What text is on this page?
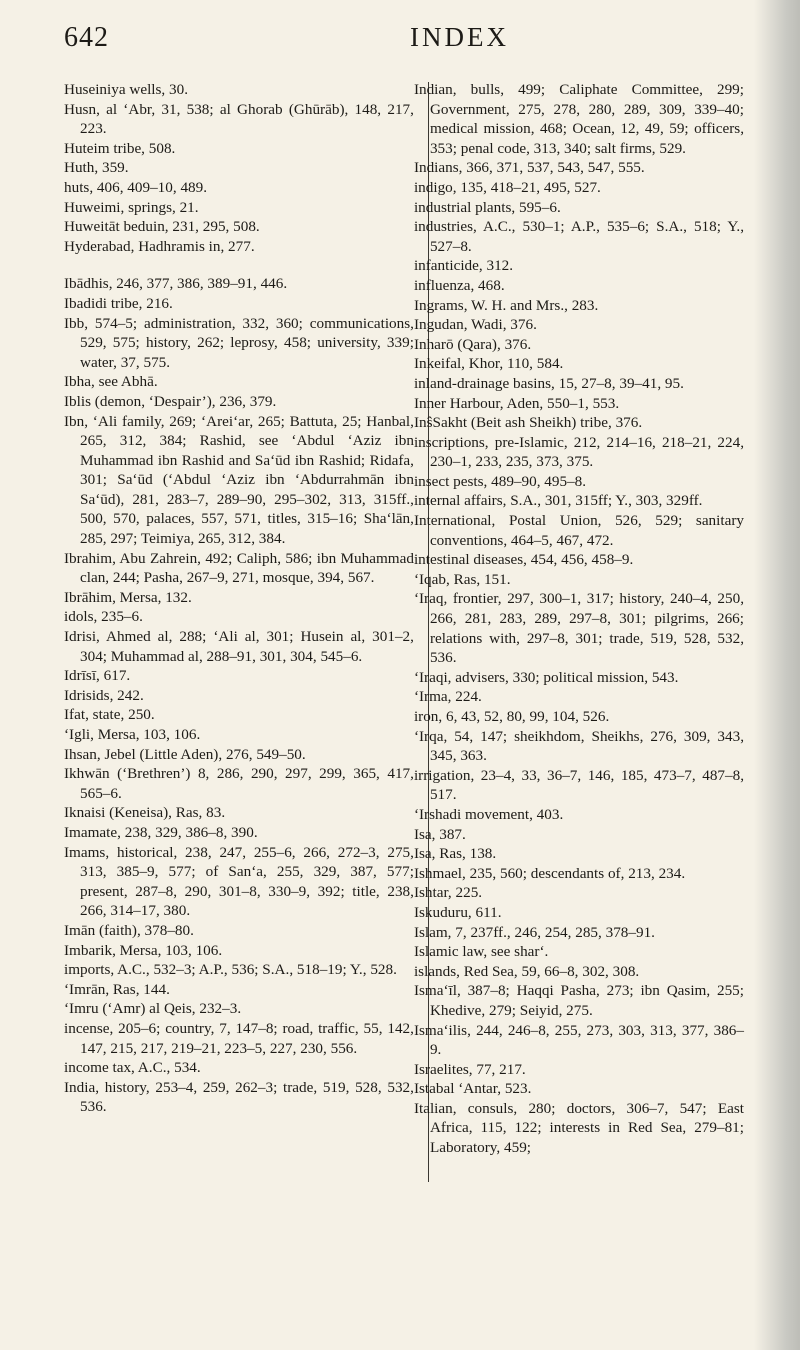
642	INDEX

Huseiniya wells, 30.

Husn, al ‘Abr, 31, 538; al Ghorab (Ghūrāb), 148, 217, 223.

Huteim tribe, 508.

Huth, 359.

huts, 406, 409–10, 489.

Huweimi, springs, 21.

Huweitāt beduin, 231, 295, 508.

Hyderabad, Hadhramis in, 277.

Ibādhis, 246, 377, 386, 389–91, 446.

Ibadidi tribe, 216.

Ibb, 574–5; administration, 332, 360; communications, 529, 575; history, 262; leprosy, 458; university, 339; water, 37, 575.

Ibha, see Abhā.

Iblis (demon, ‘Despair’), 236, 379.

Ibn, ‘Ali family, 269; ‘Arei‘ar, 265; Battuta, 25; Hanbal, 265, 312, 384; Rashid, see ‘Abdul ‘Aziz ibn Muhammad ibn Rashid and Sa‘ūd ibn Rashid; Ridafa, 301; Sa‘ūd (‘Abdul ‘Aziz ibn ‘Abdurrahmān ibn Sa‘ūd), 281, 283–7, 289–90, 295–302, 313, 315ff., 500, 570, palaces, 557, 571, titles, 315–16; Sha‘lān, 285, 297; Teimiya, 265, 312, 384.

Ibrahim, Abu Zahrein, 492; Caliph, 586; ibn Muhammad clan, 244; Pasha, 267–9, 271, mosque, 394, 567.

Ibrāhim, Mersa, 132.

idols, 235–6.

Idrisi, Ahmed al, 288; ‘Ali al, 301; Husein al, 301–2, 304; Muhammad al, 288–91, 301, 304, 545–6.

Idrīsī, 617.

Idrisids, 242.

Ifat, state, 250.

‘Igli, Mersa, 103, 106.

Ihsan, Jebel (Little Aden), 276, 549–50.

Ikhwān (‘Brethren’) 8, 286, 290, 297, 299, 365, 417, 565–6.

Iknaisi (Keneisa), Ras, 83.

Imamate, 238, 329, 386–8, 390.

Imams, historical, 238, 247, 255–6, 266, 272–3, 275, 313, 385–9, 577; of San‘a, 255, 329, 387, 577; present, 287–8, 290, 301–8, 330–9, 392; title, 238, 266, 314–17, 380.

Imān (faith), 378–80.

Imbarik, Mersa, 103, 106.

imports, A.C., 532–3; A.P., 536; S.A., 518–19; Y., 528.

‘Imrān, Ras, 144.

‘Imru (‘Amr) al Qeis, 232–3.

incense, 205–6; country, 7, 147–8; road, traffic, 55, 142, 147, 215, 217, 219–21, 223–5, 227, 230, 556.

income tax, A.C., 534.

India, history, 253–4, 259, 262–3; trade, 519, 528, 532, 536.

Indian, bulls, 499; Caliphate Committee, 299; Government, 275, 278, 280, 289, 309, 339–40; medical mission, 468; Ocean, 12, 49, 59; officers, 353; penal code, 313, 340; salt firms, 529.

Indians, 366, 371, 537, 543, 547, 555.

indigo, 135, 418–21, 495, 527.

industrial plants, 595–6.

industries, A.C., 530–1; A.P., 535–6; S.A., 518; Y., 527–8.

infanticide, 312.

influenza, 468.

Ingrams, W. H. and Mrs., 283.

Ingudan, Wadi, 376.

Inharō (Qara), 376.

Inkeifal, Khor, 110, 584.

inland-drainage basins, 15, 27–8, 39–41, 95.

Inner Harbour, Aden, 550–1, 553.

InŝSakht (Beit ash Sheikh) tribe, 376.

inscriptions, pre-Islamic, 212, 214–16, 218–21, 224, 230–1, 233, 235, 373, 375.

insect pests, 489–90, 495–8.

internal affairs, S.A., 301, 315ff; Y., 303, 329ff.

International, Postal Union, 526, 529; sanitary conventions, 464–5, 467, 472.

intestinal diseases, 454, 456, 458–9.

‘Iqab, Ras, 151.

‘Iraq, frontier, 297, 300–1, 317; history, 240–4, 250, 266, 281, 283, 289, 297–8, 301; pilgrims, 266; relations with, 297–8, 301; trade, 519, 528, 532, 536.

‘Iraqi, advisers, 330; political mission, 543.

‘Irma, 224.

iron, 6, 43, 52, 80, 99, 104, 526.

‘Irqa, 54, 147; sheikhdom, Sheikhs, 276, 309, 343, 345, 363.

irrigation, 23–4, 33, 36–7, 146, 185, 473–7, 487–8, 517.

‘Irshadi movement, 403.

Isa, 387.

Isa, Ras, 138.

Ishmael, 235, 560; descendants of, 213, 234.

Ishtar, 225.

Iskuduru, 611.

Islam, 7, 237ff., 246, 254, 285, 378–91.

Islamic law, see shar‘.

islands, Red Sea, 59, 66–8, 302, 308.

Isma‘īl, 387–8; Haqqi Pasha, 273; ibn Qasim, 255; Khedive, 279; Seiyid, 275.

Isma‘ilis, 244, 246–8, 255, 273, 303, 313, 377, 386–9.

Israelites, 77, 217.

Istabal ‘Antar, 523.

Italian, consuls, 280; doctors, 306–7, 547; East Africa, 115, 122; interests in Red Sea, 279–81; Laboratory, 459;
